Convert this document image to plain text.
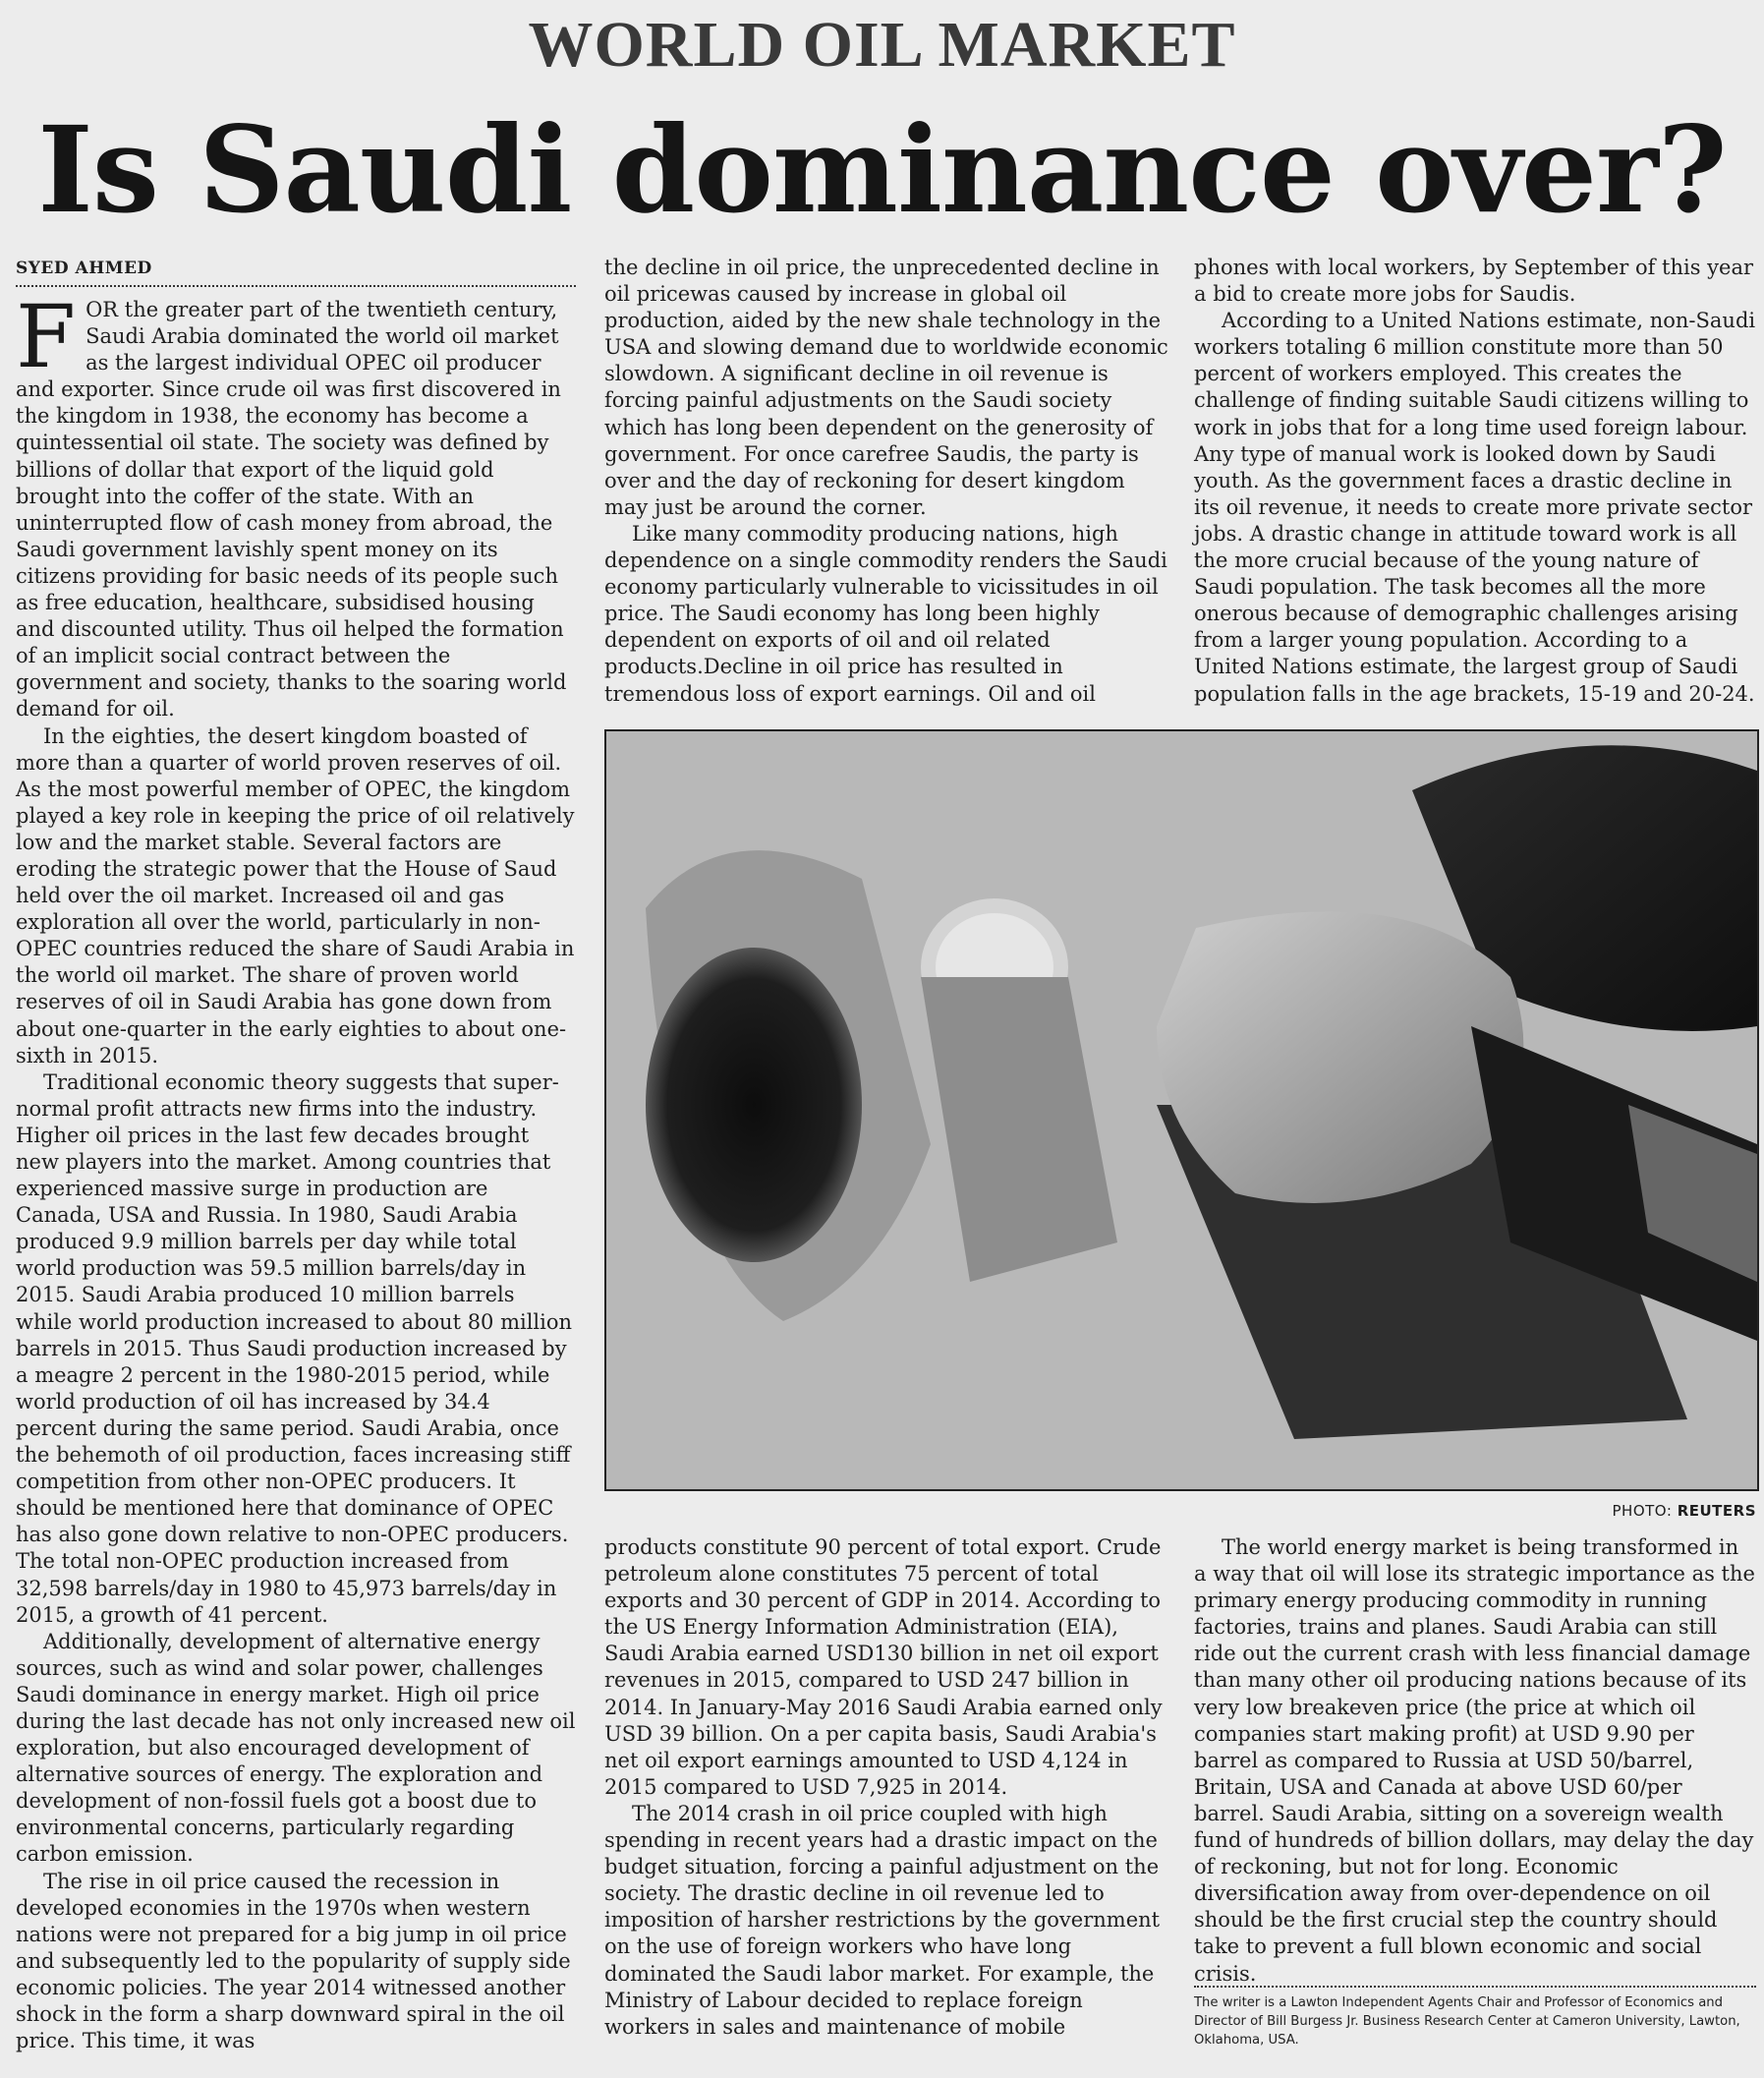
WORLD OIL MARKET
Is Saudi dominance over?
SYED AHMED

FOR the greater part of the twentieth century, Saudi Arabia dominated the world oil market as the largest individual OPEC oil producer and exporter. Since crude oil was first discovered in the kingdom in 1938, the economy has become a quintessential oil state. The society was defined by billions of dollar that export of the liquid gold brought into the coffer of the state. With an uninterrupted flow of cash money from abroad, the Saudi government lavishly spent money on its citizens providing for basic needs of its people such as free education, healthcare, subsidised housing and discounted utility. Thus oil helped the formation of an implicit social contract between the government and society, thanks to the soaring world demand for oil.

In the eighties, the desert kingdom boasted of more than a quarter of world proven reserves of oil. As the most powerful member of OPEC, the kingdom played a key role in keeping the price of oil relatively low and the market stable. Several factors are eroding the strategic power that the House of Saud held over the oil market. Increased oil and gas exploration all over the world, particularly in non-OPEC countries reduced the share of Saudi Arabia in the world oil market. The share of proven world reserves of oil in Saudi Arabia has gone down from about one-quarter in the early eighties to about one-sixth in 2015.

Traditional economic theory suggests that super-normal profit attracts new firms into the industry. Higher oil prices in the last few decades brought new players into the market. Among countries that experienced massive surge in production are Canada, USA and Russia. In 1980, Saudi Arabia produced 9.9 million barrels per day while total world production was 59.5 million barrels/day in 2015. Saudi Arabia produced 10 million barrels while world production increased to about 80 million barrels in 2015. Thus Saudi production increased by a meagre 2 percent in the 1980-2015 period, while world production of oil has increased by 34.4 percent during the same period. Saudi Arabia, once the behemoth of oil production, faces increasing stiff competition from other non-OPEC producers. It should be mentioned here that dominance of OPEC has also gone down relative to non-OPEC producers. The total non-OPEC production increased from 32,598 barrels/day in 1980 to 45,973 barrels/day in 2015, a growth of 41 percent.

Additionally, development of alternative energy sources, such as wind and solar power, challenges Saudi dominance in energy market. High oil price during the last decade has not only increased new oil exploration, but also encouraged development of alternative sources of energy. The exploration and development of non-fossil fuels got a boost due to environmental concerns, particularly regarding carbon emission.

The rise in oil price caused the recession in developed economies in the 1970s when western nations were not prepared for a big jump in oil price and subsequently led to the popularity of supply side economic policies. The year 2014 witnessed another shock in the form a sharp downward spiral in the oil price. This time, it was

the decline in oil price, the unprecedented decline in oil pricewas caused by increase in global oil production, aided by the new shale technology in the USA and slowing demand due to worldwide economic slowdown. A significant decline in oil revenue is forcing painful adjustments on the Saudi society which has long been dependent on the generosity of government. For once carefree Saudis, the party is over and the day of reckoning for desert kingdom may just be around the corner.

Like many commodity producing nations, high dependence on a single commodity renders the Saudi economy particularly vulnerable to vicissitudes in oil price. The Saudi economy has long been highly dependent on exports of oil and oil related products.Decline in oil price has resulted in tremendous loss of export earnings. Oil and oil

phones with local workers, by September of this year a bid to create more jobs for Saudis.

According to a United Nations estimate, non-Saudi workers totaling 6 million constitute more than 50 percent of workers employed. This creates the challenge of finding suitable Saudi citizens willing to work in jobs that for a long time used foreign labour. Any type of manual work is looked down by Saudi youth. As the government faces a drastic decline in its oil revenue, it needs to create more private sector jobs. A drastic change in attitude toward work is all the more crucial because of the young nature of Saudi population. The task becomes all the more onerous because of demographic challenges arising from a larger young population. According to a United Nations estimate, the largest group of Saudi population falls in the age brackets, 15-19 and 20-24.

PHOTO: REUTERS

products constitute 90 percent of total export. Crude petroleum alone constitutes 75 percent of total exports and 30 percent of GDP in 2014. According to the US Energy Information Administration (EIA), Saudi Arabia earned USD130 billion in net oil export revenues in 2015, compared to USD 247 billion in 2014. In January-May 2016 Saudi Arabia earned only USD 39 billion. On a per capita basis, Saudi Arabia's net oil export earnings amounted to USD 4,124 in 2015 compared to USD 7,925 in 2014.

The 2014 crash in oil price coupled with high spending in recent years had a drastic impact on the budget situation, forcing a painful adjustment on the society. The drastic decline in oil revenue led to imposition of harsher restrictions by the government on the use of foreign workers who have long dominated the Saudi labor market. For example, the Ministry of Labour decided to replace foreign workers in sales and maintenance of mobile

The world energy market is being transformed in a way that oil will lose its strategic importance as the primary energy producing commodity in running factories, trains and planes. Saudi Arabia can still ride out the current crash with less financial damage than many other oil producing nations because of its very low breakeven price (the price at which oil companies start making profit) at USD 9.90 per barrel as compared to Russia at USD 50/barrel, Britain, USA and Canada at above USD 60/per barrel. Saudi Arabia, sitting on a sovereign wealth fund of hundreds of billion dollars, may delay the day of reckoning, but not for long. Economic diversification away from over-dependence on oil should be the first crucial step the country should take to prevent a full blown economic and social crisis.

The writer is a Lawton Independent Agents Chair and Professor of Economics and Director of Bill Burgess Jr. Business Research Center at Cameron University, Lawton, Oklahoma, USA.
